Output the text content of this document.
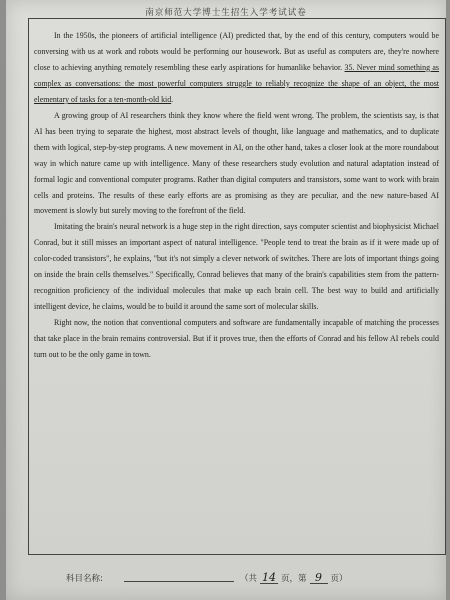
南京师范大学博士生招生入学考试试卷

In the 1950s, the pioneers of artificial intelligence (AI) predicted that, by the end of this century, computers would be conversing with us at work and robots would be performing our housework. But as useful as computers are, they're nowhere close to achieving anything remotely resembling these early aspirations for humanlike behavior. 35. Never mind something as complex as conversations: the most powerful computers struggle to reliably recognize the shape of an object, the most elementary of tasks for a ten-month-old kid.

A growing group of AI researchers think they know where the field went wrong. The problem, the scientists say, is that AI has been trying to separate the highest, most abstract levels of thought, like language and mathematics, and to duplicate them with logical, step-by-step programs. A new movement in AI, on the other hand, takes a closer look at the more roundabout way in which nature came up with intelligence. Many of these researchers study evolution and natural adaptation instead of formal logic and conventional computer programs. Rather than digital computers and transistors, some want to work with brain cells and proteins. The results of these early efforts are as promising as they are peculiar, and the new nature-based AI movement is slowly but surely moving to the forefront of the field.

Imitating the brain's neural network is a huge step in the right direction, says computer scientist and biophysicist Michael Conrad, but it still misses an important aspect of natural intelligence. "People tend to treat the brain as if it were made up of color-coded transistors", he explains, "but it's not simply a clever network of switches. There are lots of important things going on inside the brain cells themselves." Specifically, Conrad believes that many of the brain's capabilities stem from the pattern-recognition proficiency of the individual molecules that make up each brain cell. The best way to build and artificially intelligent device, he claims, would be to build it around the same sort of molecular skills.

Right now, the notion that conventional computers and software are fundamentally incapable of matching the processes that take place in the brain remains controversial. But if it proves true, then the efforts of Conrad and his fellow AI rebels could turn out to be the only game in town.

科目名称:	（共 14 页，第 9 页）
